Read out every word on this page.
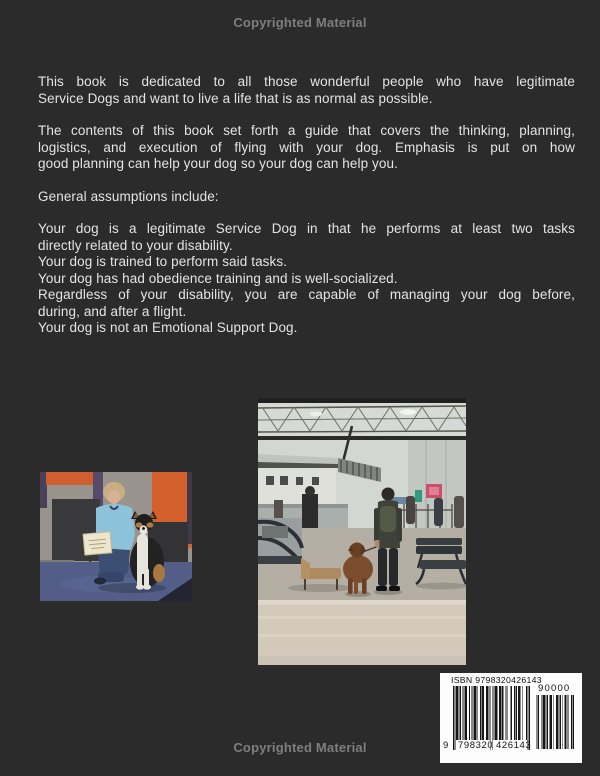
Copyrighted Material
This book is dedicated to all those wonderful people who have legitimate
Service Dogs and want to live a life that is as normal as possible.
The contents of this book set forth a guide that covers the thinking, planning,
logistics, and execution of flying with your dog. Emphasis is put on how
good planning can help your dog so your dog can help you.
General assumptions include:
Your dog is a legitimate Service Dog in that he performs at least two tasks
directly related to your disability.
Your dog is trained to perform said tasks.
Your dog has had obedience training and is well-socialized.
Regardless of your disability, you are capable of managing your dog before,
during, and after a flight.
Your dog is not an Emotional Support Dog.
ISBN 9798320426143
9 798320 426143
90000
Copyrighted Material
